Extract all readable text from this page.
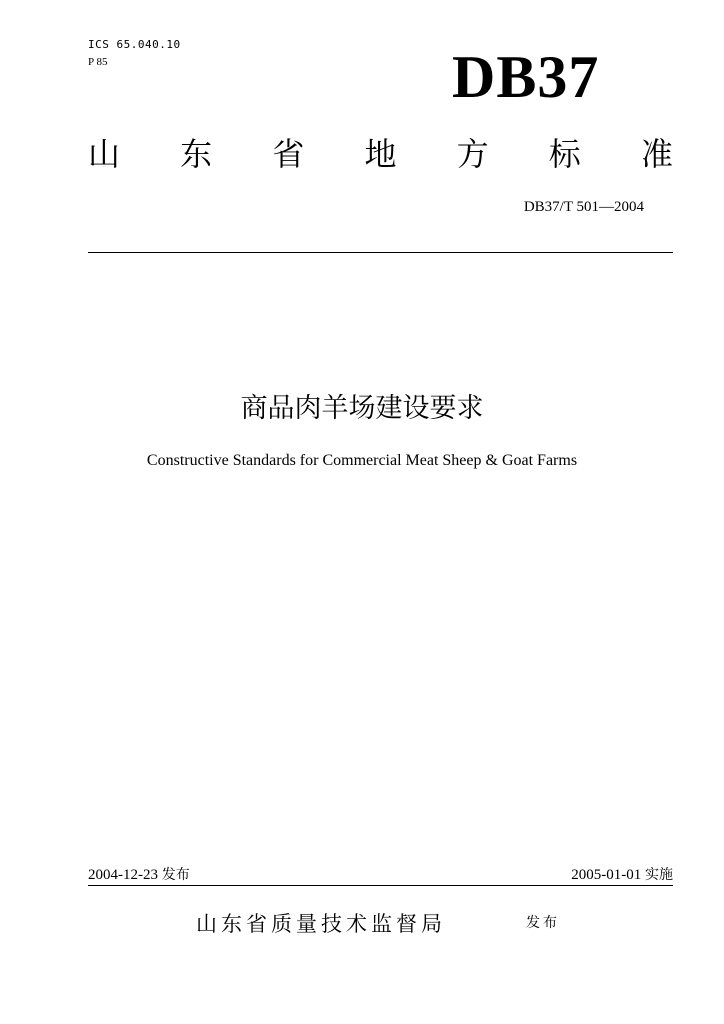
ICS 65.040.10
P 85	DB37
山 东 省 地 方 标 准
DB37/T 501—2004
商品肉羊场建设要求
Constructive Standards for Commercial Meat Sheep & Goat Farms
2004-12-23 发布	2005-01-01 实施
山东省质量技术监督局	发布
